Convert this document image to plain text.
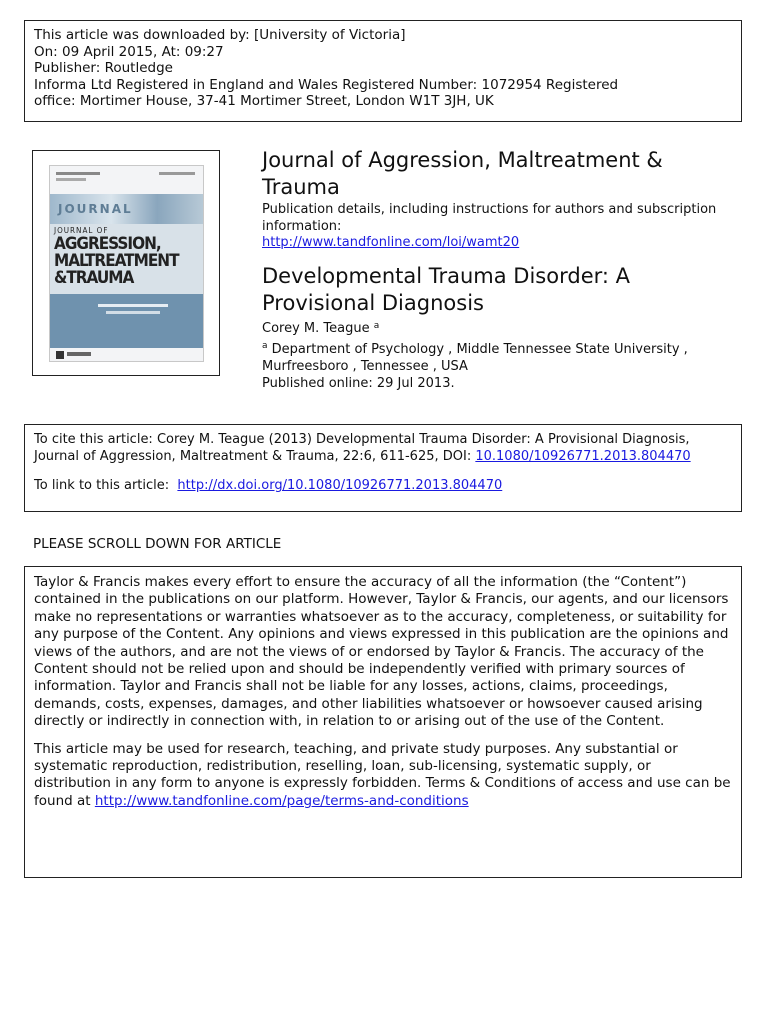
This article was downloaded by: [University of Victoria]
On: 09 April 2015, At: 09:27
Publisher: Routledge
Informa Ltd Registered in England and Wales Registered Number: 1072954 Registered
office: Mortimer House, 37-41 Mortimer Street, London W1T 3JH, UK
JOURNAL
JOURNAL OF
AGGRESSION,
MALTREATMENT
&TRAUMA
Journal of Aggression, Maltreatment & Trauma
Publication details, including instructions for authors and subscription information:
http://www.tandfonline.com/loi/wamt20
Developmental Trauma Disorder: A Provisional Diagnosis
Corey M. Teague $^a$
$^a$ Department of Psychology , Middle Tennessee State University , Murfreesboro , Tennessee , USA
Published online: 29 Jul 2013.

To cite this article: Corey M. Teague (2013) Developmental Trauma Disorder: A Provisional Diagnosis, Journal of Aggression, Maltreatment & Trauma, 22:6, 611-625, DOI: 10.1080/10926771.2013.804470

To link to this article: http://dx.doi.org/10.1080/10926771.2013.804470

PLEASE SCROLL DOWN FOR ARTICLE

Taylor & Francis makes every effort to ensure the accuracy of all the information (the “Content”) contained in the publications on our platform. However, Taylor & Francis, our agents, and our licensors make no representations or warranties whatsoever as to the accuracy, completeness, or suitability for any purpose of the Content. Any opinions and views expressed in this publication are the opinions and views of the authors, and are not the views of or endorsed by Taylor & Francis. The accuracy of the Content should not be relied upon and should be independently verified with primary sources of information. Taylor and Francis shall not be liable for any losses, actions, claims, proceedings, demands, costs, expenses, damages, and other liabilities whatsoever or howsoever caused arising directly or indirectly in connection with, in relation to or arising out of the use of the Content.

This article may be used for research, teaching, and private study purposes. Any substantial or systematic reproduction, redistribution, reselling, loan, sub-licensing, systematic supply, or distribution in any form to anyone is expressly forbidden. Terms & Conditions of access and use can be found at http://www.tandfonline.com/page/terms-and-conditions
